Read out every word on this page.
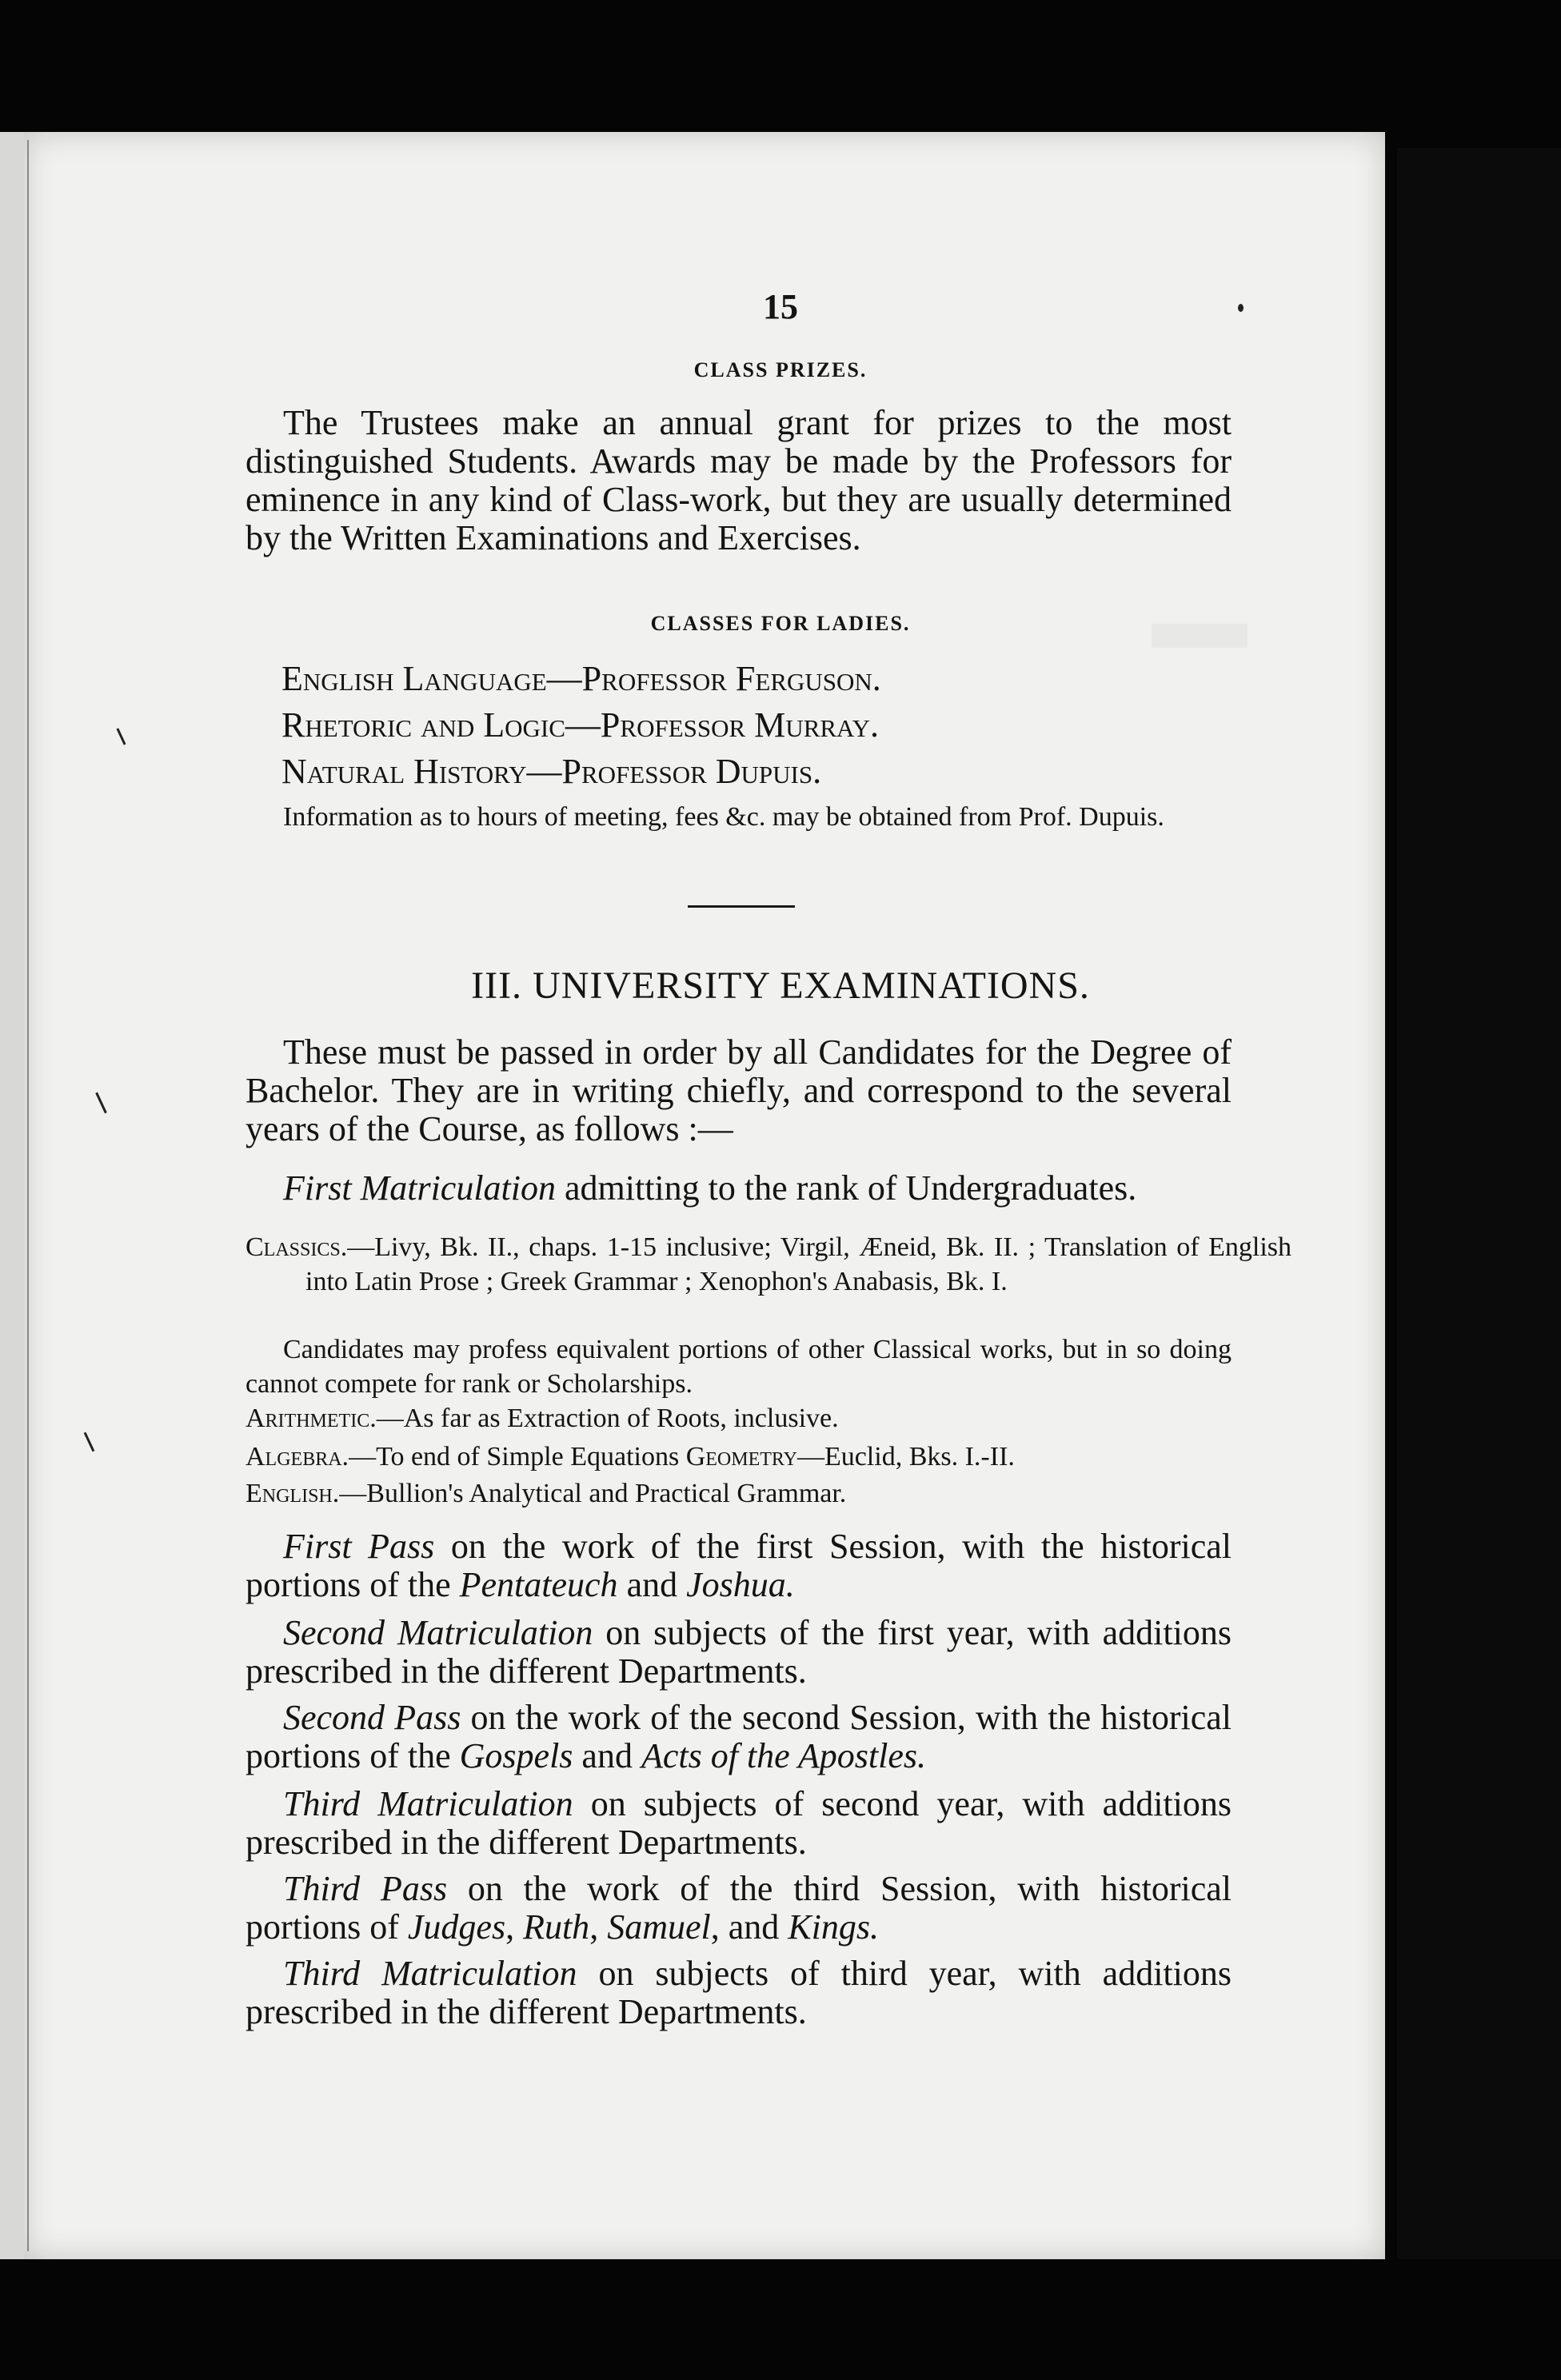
15
CLASS PRIZES.
The Trustees make an annual grant for prizes to the most distinguished Students. Awards may be made by the Professors for eminence in any kind of Class-work, but they are usually determined by the Written Examinations and Exercises.
CLASSES FOR LADIES.
English Language—Professor Ferguson.
Rhetoric and Logic—Professor Murray.
Natural History—Professor Dupuis.
Information as to hours of meeting, fees &c. may be obtained from Prof. Dupuis.
III. UNIVERSITY EXAMINATIONS.
These must be passed in order by all Candidates for the Degree of Bachelor. They are in writing chiefly, and correspond to the several years of the Course, as follows :—
First Matriculation admitting to the rank of Undergraduates.
Classics.—Livy, Bk. II., chaps. 1-15 inclusive; Virgil, Æneid, Bk. II. ; Translation of English into Latin Prose ; Greek Grammar ; Xenophon's Anabasis, Bk. I.
Candidates may profess equivalent portions of other Classical works, but in so doing cannot compete for rank or Scholarships.
Arithmetic.—As far as Extraction of Roots, inclusive.
Algebra.—To end of Simple Equations Geometry—Euclid, Bks. I.-II.
English.—Bullion's Analytical and Practical Grammar.
First Pass on the work of the first Session, with the historical portions of the Pentateuch and Joshua.
Second Matriculation on subjects of the first year, with additions prescribed in the different Departments.
Second Pass on the work of the second Session, with the historical portions of the Gospels and Acts of the Apostles.
Third Matriculation on subjects of second year, with additions prescribed in the different Departments.
Third Pass on the work of the third Session, with historical portions of Judges, Ruth, Samuel, and Kings.
Third Matriculation on subjects of third year, with additions prescribed in the different Departments.
